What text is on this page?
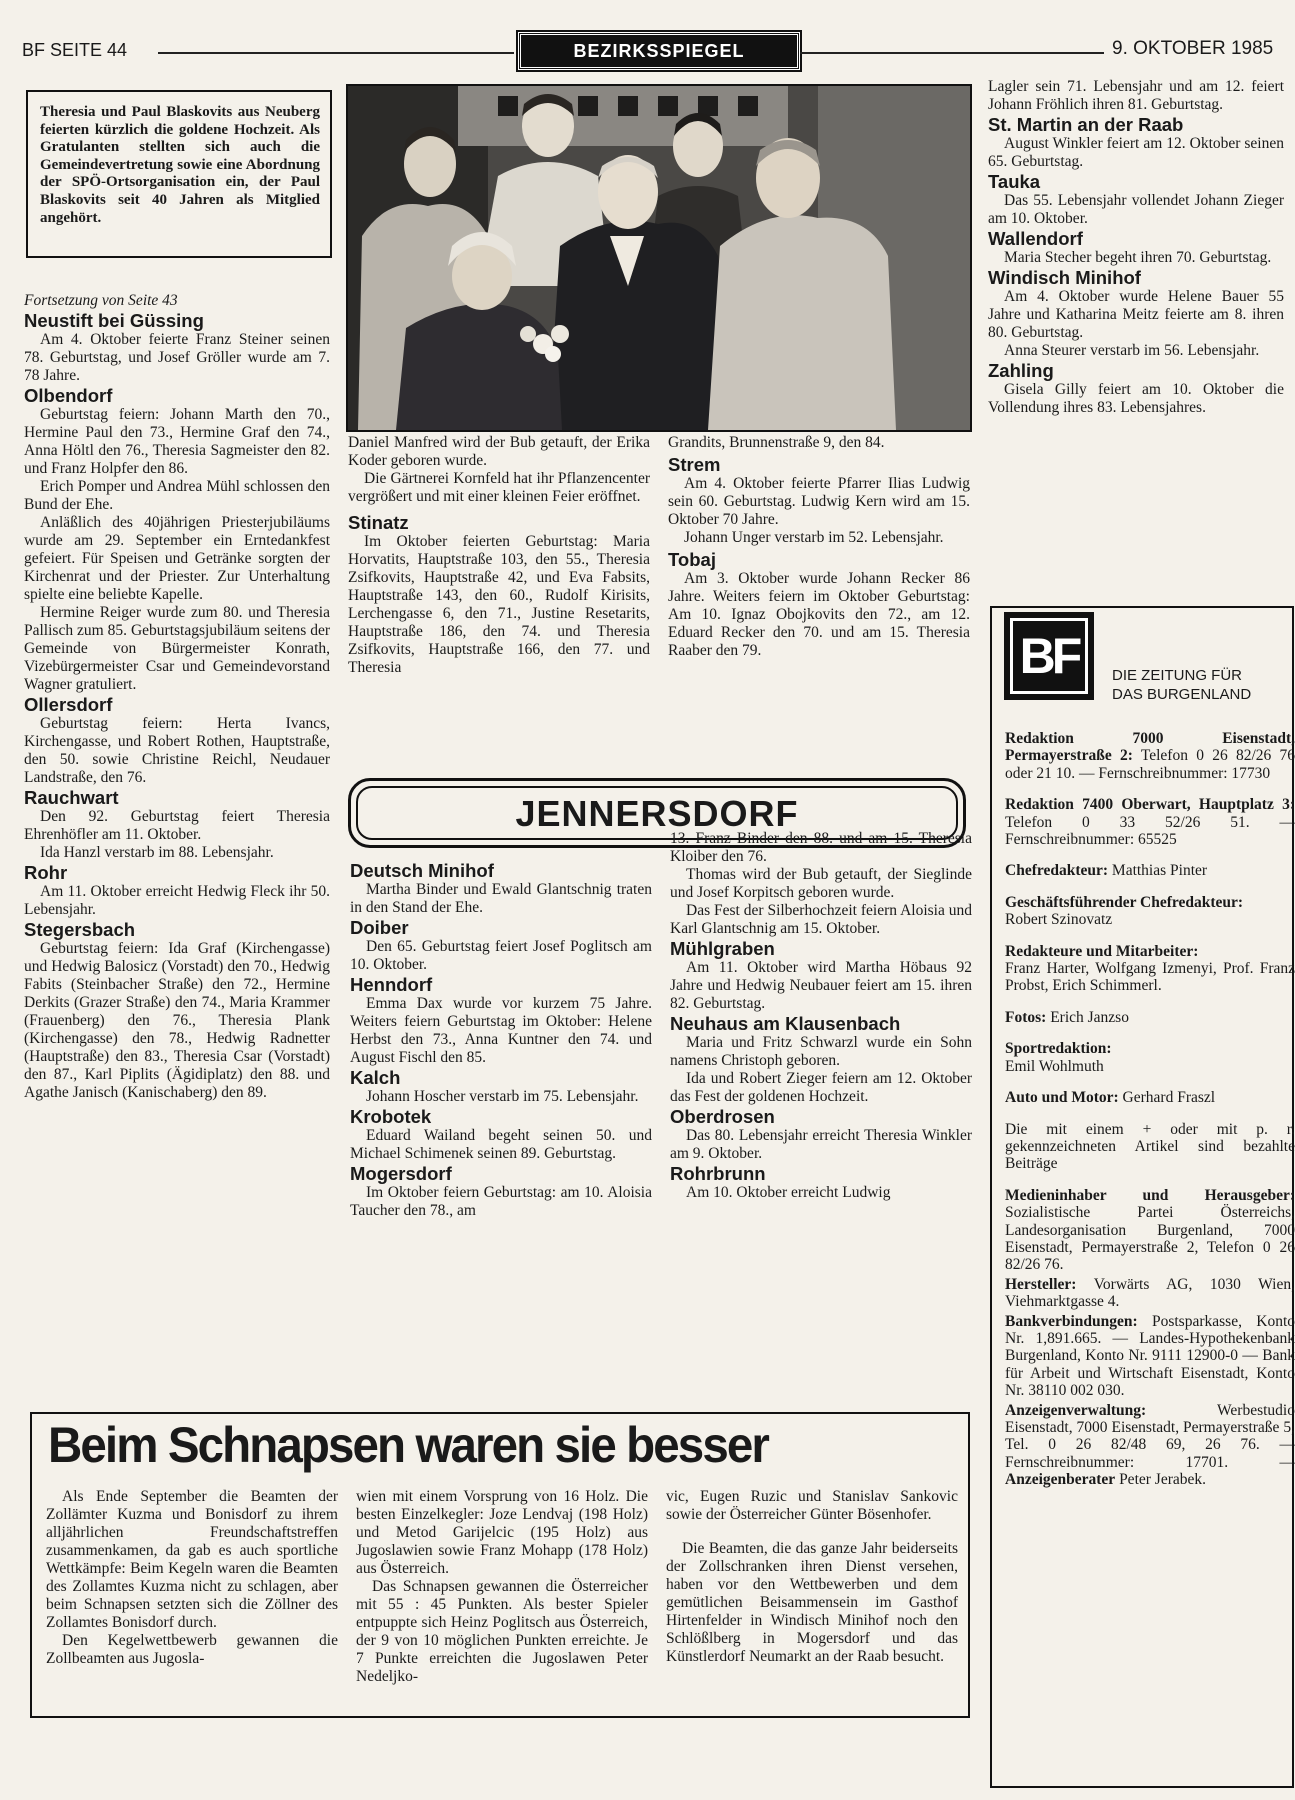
BF SEITE 44	BEZIRKSSPIEGEL	9. OKTOBER 1985
Theresia und Paul Blaskovits aus Neuberg feierten kürzlich die goldene Hochzeit. Als Gratulanten stellten sich auch die Gemeindevertretung sowie eine Abordnung der SPÖ-Ortsorganisation ein, der Paul Blaskovits seit 40 Jahren als Mitglied angehört.

Fortsetzung von Seite 43

Neustift bei Güssing

Am 4. Oktober feierte Franz Steiner seinen 78. Geburtstag, und Josef Gröller wurde am 7. 78 Jahre.

Olbendorf

Geburtstag feiern: Johann Marth den 70., Hermine Paul den 73., Hermine Graf den 74., Anna Höltl den 76., Theresia Sagmeister den 82. und Franz Holpfer den 86.

Erich Pomper und Andrea Mühl schlossen den Bund der Ehe.

Anläßlich des 40jährigen Priesterjubiläums wurde am 29. September ein Erntedankfest gefeiert. Für Speisen und Getränke sorgten der Kirchenrat und der Priester. Zur Unterhaltung spielte eine beliebte Kapelle.

Hermine Reiger wurde zum 80. und Theresia Pallisch zum 85. Geburtstagsjubiläum seitens der Gemeinde von Bürgermeister Konrath, Vizebürgermeister Csar und Gemeindevorstand Wagner gratuliert.

Ollersdorf

Geburtstag feiern: Herta Ivancs, Kirchengasse, und Robert Rothen, Hauptstraße, den 50. sowie Christine Reichl, Neudauer Landstraße, den 76.

Rauchwart

Den 92. Geburtstag feiert Theresia Ehrenhöfler am 11. Oktober.

Ida Hanzl verstarb im 88. Lebensjahr.

Rohr

Am 11. Oktober erreicht Hedwig Fleck ihr 50. Lebensjahr.

Stegersbach

Geburtstag feiern: Ida Graf (Kirchengasse) und Hedwig Balosicz (Vorstadt) den 70., Hedwig Fabits (Steinbacher Straße) den 72., Hermine Derkits (Grazer Straße) den 74., Maria Krammer (Frauenberg) den 76., Theresia Plank (Kirchengasse) den 78., Hedwig Radnetter (Hauptstraße) den 83., Theresia Csar (Vorstadt) den 87., Karl Piplits (Ägidiplatz) den 88. und Agathe Janisch (Kanischaberg) den 89.

Daniel Manfred wird der Bub getauft, der Erika Koder geboren wurde.

Die Gärtnerei Kornfeld hat ihr Pflanzencenter vergrößert und mit einer kleinen Feier eröffnet.

Stinatz

Im Oktober feierten Geburtstag: Maria Horvatits, Hauptstraße 103, den 55., Theresia Zsifkovits, Hauptstraße 42, und Eva Fabsits, Hauptstraße 143, den 60., Rudolf Kirisits, Lerchengasse 6, den 71., Justine Resetarits, Hauptstraße 186, den 74. und Theresia Zsifkovits, Hauptstraße 166, den 77. und Theresia

Grandits, Brunnenstraße 9, den 84.

Strem

Am 4. Oktober feierte Pfarrer Ilias Ludwig sein 60. Geburtstag. Ludwig Kern wird am 15. Oktober 70 Jahre.

Johann Unger verstarb im 52. Lebensjahr.

Tobaj

Am 3. Oktober wurde Johann Recker 86 Jahre. Weiters feiern im Oktober Geburtstag: Am 10. Ignaz Obojkovits den 72., am 12. Eduard Recker den 70. und am 15. Theresia Raaber den 79.

Lagler sein 71. Lebensjahr und am 12. feiert Johann Fröhlich ihren 81. Geburtstag.

St. Martin an der Raab

August Winkler feiert am 12. Oktober seinen 65. Geburtstag.

Tauka

Das 55. Lebensjahr vollendet Johann Zieger am 10. Oktober.

Wallendorf

Maria Stecher begeht ihren 70. Geburtstag.

Windisch Minihof

Am 4. Oktober wurde Helene Bauer 55 Jahre und Katharina Meitz feierte am 8. ihren 80. Geburtstag.

Anna Steurer verstarb im 56. Lebensjahr.

Zahling

Gisela Gilly feiert am 10. Oktober die Vollendung ihres 83. Lebensjahres.

JENNERSDORF
Deutsch Minihof

Martha Binder und Ewald Glantschnig traten in den Stand der Ehe.

Doiber

Den 65. Geburtstag feiert Josef Poglitsch am 10. Oktober.

Henndorf

Emma Dax wurde vor kurzem 75 Jahre. Weiters feiern Geburtstag im Oktober: Helene Herbst den 73., Anna Kuntner den 74. und August Fischl den 85.

Kalch

Johann Hoscher verstarb im 75. Lebensjahr.

Krobotek

Eduard Wailand begeht seinen 50. und Michael Schimenek seinen 89. Geburtstag.

Mogersdorf

Im Oktober feiern Geburtstag: am 10. Aloisia Taucher den 78., am

13. Franz Binder den 88. und am 15. Theresia Kloiber den 76.

Thomas wird der Bub getauft, der Sieglinde und Josef Korpitsch geboren wurde.

Das Fest der Silberhochzeit feiern Aloisia und Karl Glantschnig am 15. Oktober.

Mühlgraben

Am 11. Oktober wird Martha Höbaus 92 Jahre und Hedwig Neubauer feiert am 15. ihren 82. Geburtstag.

Neuhaus am Klausenbach

Maria und Fritz Schwarzl wurde ein Sohn namens Christoph geboren.

Ida und Robert Zieger feiern am 12. Oktober das Fest der goldenen Hochzeit.

Oberdrosen

Das 80. Lebensjahr erreicht Theresia Winkler am 9. Oktober.

Rohrbrunn

Am 10. Oktober erreicht Ludwig

Beim Schnapsen waren sie besser

Als Ende September die Beamten der Zollämter Kuzma und Bonisdorf zu ihrem alljährlichen Freundschaftstreffen zusammenkamen, da gab es auch sportliche Wettkämpfe: Beim Kegeln waren die Beamten des Zollamtes Kuzma nicht zu schlagen, aber beim Schnapsen setzten sich die Zöllner des Zollamtes Bonisdorf durch.

Den Kegelwettbewerb gewannen die Zollbeamten aus Jugosla-

wien mit einem Vorsprung von 16 Holz. Die besten Einzelkegler: Joze Lendvaj (198 Holz) und Metod Garijelcic (195 Holz) aus Jugoslawien sowie Franz Mohapp (178 Holz) aus Österreich.

Das Schnapsen gewannen die Österreicher mit 55 : 45 Punkten. Als bester Spieler entpuppte sich Heinz Poglitsch aus Österreich, der 9 von 10 möglichen Punkten erreichte. Je 7 Punkte erreichten die Jugoslawen Peter Nedeljko-

vic, Eugen Ruzic und Stanislav Sankovic sowie der Österreicher Günter Bösenhofer.

Die Beamten, die das ganze Jahr beiderseits der Zollschranken ihren Dienst versehen, haben vor den Wettbewerben und dem gemütlichen Beisammensein im Gasthof Hirtenfelder in Windisch Minihof noch den Schlößlberg in Mogersdorf und das Künstlerdorf Neumarkt an der Raab besucht.

BF	DIE ZEITUNG FÜR
DAS BURGENLAND

Redaktion 7000 Eisenstadt, Permayerstraße 2: Telefon 0 26 82/26 76 oder 21 10. — Fernschreibnummer: 17730

Redaktion 7400 Oberwart, Hauptplatz 3: Telefon 0 33 52/26 51. — Fernschreibnummer: 65525

Chefredakteur: Matthias Pinter

Geschäftsführender Chefredakteur:
Robert Szinovatz

Redakteure und Mitarbeiter:
Franz Harter, Wolfgang Izmenyi, Prof. Franz Probst, Erich Schimmerl.

Fotos: Erich Janzso

Sportredaktion:
Emil Wohlmuth

Auto und Motor: Gerhard Fraszl

Die mit einem + oder mit p. r. gekennzeichneten Artikel sind bezahlte Beiträge

Medieninhaber und Herausgeber: Sozialistische Partei Österreichs, Landesorganisation Burgenland, 7000 Eisenstadt, Permayerstraße 2, Telefon 0 26 82/26 76.

Hersteller: Vorwärts AG, 1030 Wien, Viehmarktgasse 4.

Bankverbindungen: Postsparkasse, Konto Nr. 1,891.665. — Landes-Hypothekenbank Burgenland, Konto Nr. 9111 12900-0 — Bank für Arbeit und Wirtschaft Eisenstadt, Konto Nr. 38110 002 030.

Anzeigenverwaltung:	Werbestudio Eisenstadt, 7000 Eisenstadt, Permayerstraße 5, Tel. 0 26 82/48 69, 26 76. — Fernschreibnummer: 17701. — Anzeigenberater Peter Jerabek.
